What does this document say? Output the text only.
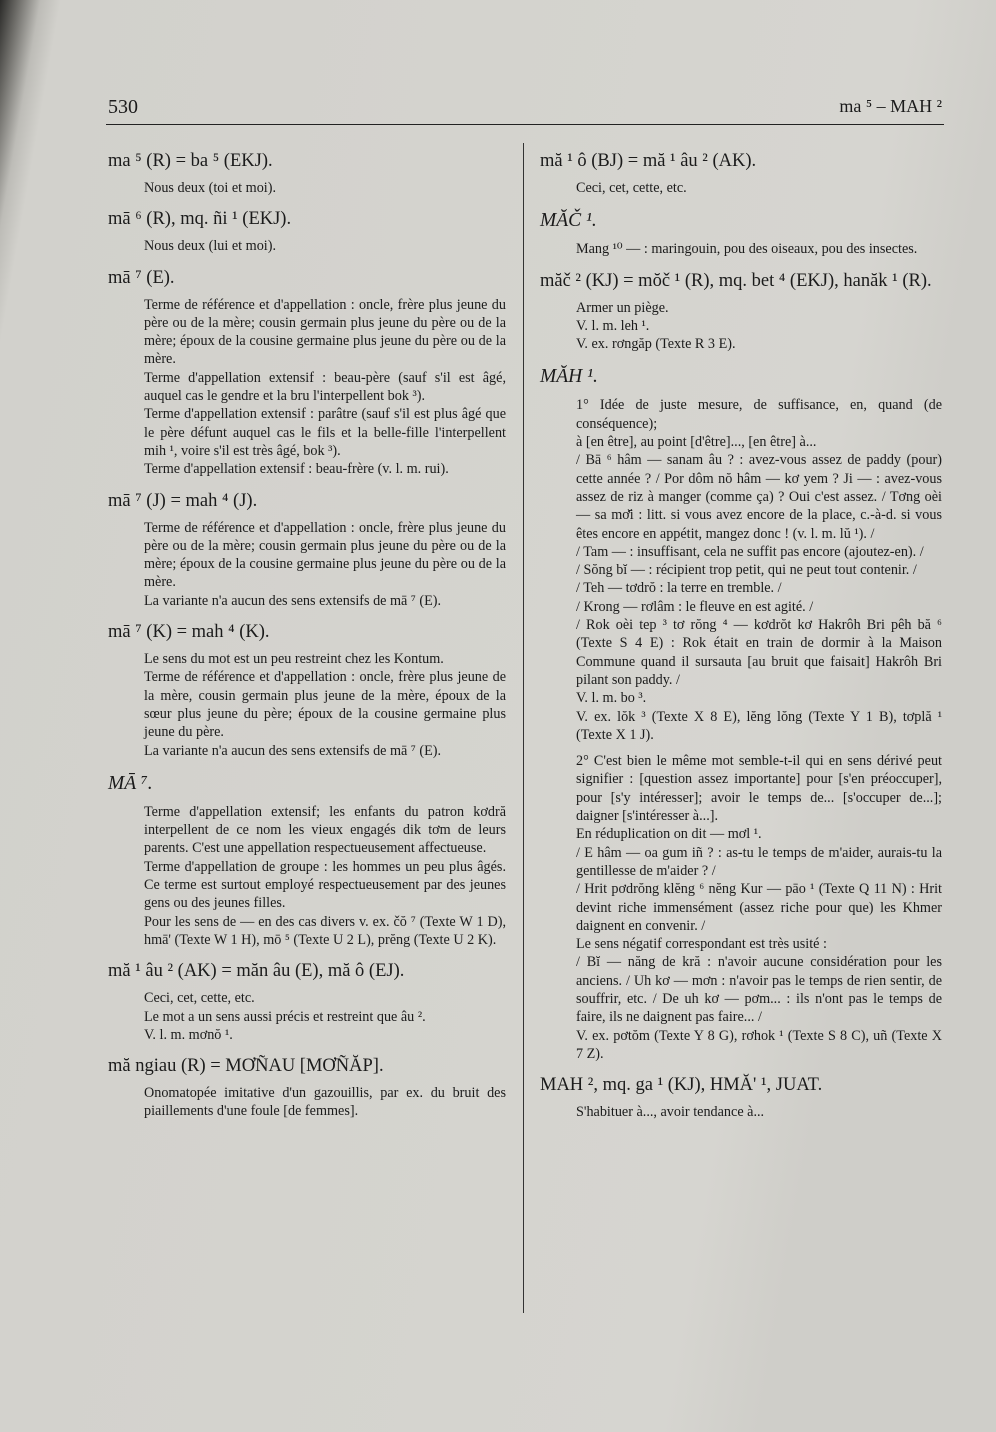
530	ma ⁵ – MAH ²
ma ⁵ (R) = ba ⁵ (EKJ).

Nous deux (toi et moi).

mā ⁶ (R), mq. ñi ¹ (EKJ).

Nous deux (lui et moi).

mā ⁷ (E).

Terme de référence et d'appellation : oncle, frère plus jeune du père ou de la mère; cousin germain plus jeune du père ou de la mère; époux de la cousine germaine plus jeune du père ou de la mère.

Terme d'appellation extensif : beau-père (sauf s'il est âgé, auquel cas le gendre et la bru l'interpellent bok ³).

Terme d'appellation extensif : parâtre (sauf s'il est plus âgé que le père défunt auquel cas le fils et la belle-fille l'interpellent mih ¹, voire s'il est très âgé, bok ³).

Terme d'appellation extensif : beau-frère (v. l. m. rui).

mā ⁷ (J) = mah ⁴ (J).

Terme de référence et d'appellation : oncle, frère plus jeune du père ou de la mère; cousin germain plus jeune du père ou de la mère; époux de la cousine germaine plus jeune du père ou de la mère.

La variante n'a aucun des sens extensifs de mā ⁷ (E).

mā ⁷ (K) = mah ⁴ (K).

Le sens du mot est un peu restreint chez les Kontum.

Terme de référence et d'appellation : oncle, frère plus jeune de la mère, cousin germain plus jeune de la mère, époux de la sœur plus jeune du père; époux de la cousine germaine plus jeune du père.

La variante n'a aucun des sens extensifs de mā ⁷ (E).

MĀ ⁷.

Terme d'appellation extensif; les enfants du patron kơdră interpellent de ce nom les vieux engagés dik tơm de leurs parents. C'est une appellation respectueusement affectueuse.

Terme d'appellation de groupe : les hommes un peu plus âgés. Ce terme est surtout employé respectueusement par des jeunes gens ou des jeunes filles.

Pour les sens de — en des cas divers v. ex. čŏ ⁷ (Texte W 1 D), hmā' (Texte W 1 H), mō ⁵ (Texte U 2 L), prĕng (Texte U 2 K).

mă ¹ âu ² (AK) = măn âu (E), mă ô (EJ).

Ceci, cet, cette, etc.

Le mot a un sens aussi précis et restreint que âu ².

V. l. m. mơnŏ ¹.

mă ngiau (R) = MƠÑAU [MƠÑĂP].

Onomatopée imitative d'un gazouillis, par ex. du bruit des piaillements d'une foule [de femmes].

mă ¹ ô (BJ) = mă ¹ âu ² (AK).

Ceci, cet, cette, etc.

MĂČ ¹.

Mang ¹⁰ — : maringouin, pou des oiseaux, pou des insectes.

măč ² (KJ) = mŏč ¹ (R), mq. bet ⁴ (EKJ), hanăk ¹ (R).

Armer un piège.

V. l. m. leh ¹.

V. ex. rơngăp (Texte R 3 E).

MĂH ¹.

1° Idée de juste mesure, de suffisance, en, quand (de conséquence);

à [en être], au point [d'être]..., [en être] à...

/ Bā ⁶ hâm — sanam âu ? : avez-vous assez de paddy (pour) cette année ? / Por dôm nŏ hâm — kơ yem ? Ji — : avez-vous assez de riz à manger (comme ça) ? Oui c'est assez. / Tơng oèi — sa mơ̆i : litt. si vous avez encore de la place, c.-à-d. si vous êtes encore en appétit, mangez donc ! (v. l. m. lŭ ¹). /

/ Tam — : insuffisant, cela ne suffit pas encore (ajoutez-en). /

/ Sŏng bĭ — : récipient trop petit, qui ne peut tout contenir. /

/ Teh — tơdrŏ : la terre en tremble. /

/ Krong — rơlâm : le fleuve en est agité. /

/ Rok oèi tep ³ tơ rŏng ⁴ — kơdrŏt kơ Hakrôh Bri pêh bă ⁶ (Texte S 4 E) : Rok était en train de dormir à la Maison Commune quand il sursauta [au bruit que faisait] Hakrôh Bri pilant son paddy. /

V. l. m. bo ³.

V. ex. lŏk ³ (Texte X 8 E), lĕng lŏng (Texte Y 1 B), tơplă ¹ (Texte X 1 J).

2° C'est bien le même mot semble-t-il qui en sens dérivé peut signifier : [question assez importante] pour [s'en préoccuper], pour [s'y intéresser]; avoir le temps de... [s'occuper de...]; daigner [s'intéresser à...].

En réduplication on dit — mơl ¹.

/ E hâm — oa gum iñ ? : as-tu le temps de m'aider, aurais-tu la gentillesse de m'aider ? /

/ Hrit pơdrŏng klĕng ⁶ nĕng Kur — pāo ¹ (Texte Q 11 N) : Hrit devint riche immensément (assez riche pour que) les Khmer daignent en convenir. /

Le sens négatif correspondant est très usité :

/ Bĭ — năng de kră : n'avoir aucune considération pour les anciens. / Uh kơ — mơn : n'avoir pas le temps de rien sentir, de souffrir, etc. / De uh kơ — pơm... : ils n'ont pas le temps de faire, ils ne daignent pas faire... /

V. ex. pơtŏm (Texte Y 8 G), rơhok ¹ (Texte S 8 C), uñ (Texte X 7 Z).

MAH ², mq. ga ¹ (KJ), HMĂ' ¹, JUAT.

S'habituer à..., avoir tendance à...
